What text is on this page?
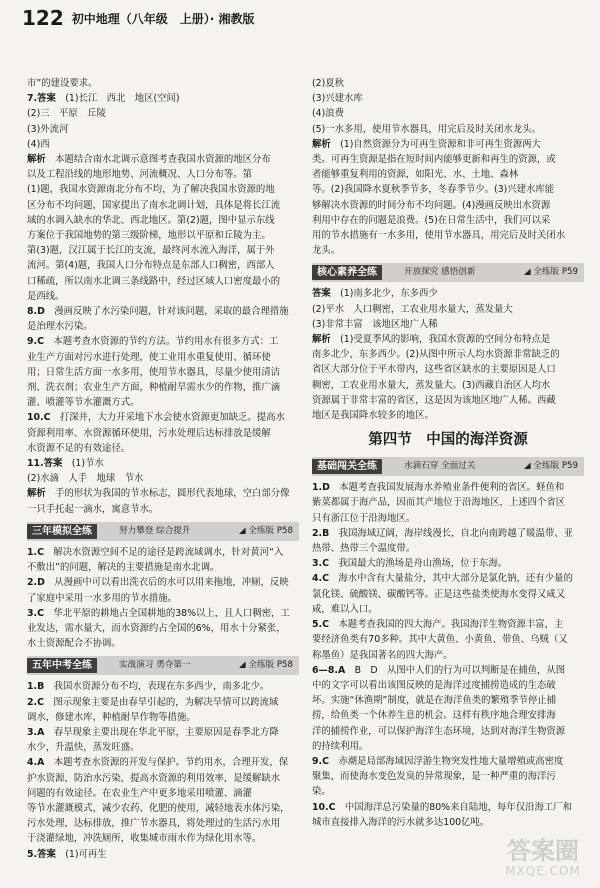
122 初中地理（八年级　上册）· 湘教版

市”的建设要求。

7.答案　(1)长江　西北　地区(空间)

(2)三　平原　丘陵

(3)外流河

(4)西

解析　本题结合南水北调示意图考查我国水资源的地区分布

以及工程沿线的地形地势、河流概况、人口分布等。第

(1)题，我国水资源南北分布不均，为了解决我国水资源的地

区分布不均问题，国家提出了南水北调计划，具体是将长江流

域的水调入缺水的华北、西北地区。第(2)题，图中显示东线

方案位于我国地势的第三级阶梯，地形以平原和丘陵为主。

第(3)题，汉江属于长江的支流，最终河水流入海洋，属于外

流河。第(4)题，我国人口分布特点是东部人口稠密，西部人

口稀疏，所以南水北调三条线路中，经过区域人口密度最小的

是西线。

8.D　漫画反映了水污染问题，针对该问题，采取的最合理措施

是治理水污染。

9.C　本题考查水资源的节约方法。节约用水有很多方式：工

业生产方面对污水进行处理，使工业用水重复使用、循环使

用；日常生活方面一水多用，使用节水器具，尽量少使用清洁

剂、洗衣剂；农业生产方面，种植耐旱需水少的作物，推广滴

灌、喷灌等节水灌溉方式。

10.C　打深井，大力开采地下水会使水资源更加缺乏。提高水

资源利用率、水资源循环使用，污水处理后达标排放是缓解

水资源不足的有效途径。

11.答案　(1)节水

(2)水滴　人手　地球　节水

解析　手的形状为我国的节水标志，圆形代表地球，空白部分像

一只手托起一滴水，寓意节水。

三年模拟全练	努力攀登 综合提升	◢ 全练版 P58

1.C　解决水资源空间不足的途径是跨流域调水，针对黄河“入

不敷出”的问题，解决的主要措施是南水北调。

2.D　从漫画中可以看出洗衣后的水可以用来拖地，冲厕，反映

了家庭中采用一水多用的节水措施。

3.C　华北平原的耕地占全国耕地的38%以上，且人口稠密，工

业发达，需水量大，而水资源约占全国的6%，用水十分紧张，

水土资源配合不协调。

五年中考全练	实战演习 勇夺第一	◢ 全练版 P58

1.B　我国水资源分布不均，表现在东多西少，南多北少。

2.C　图示现象主要是由春旱引起的，为解决旱情可以跨流域

调水，修建水库，种植耐旱作物等措施。

3.A　春旱现象主要出现在华北平原，主要原因是春季北方降

水少，升温快，蒸发旺盛。

4.A　本题考查水资源的开发与保护。节约用水，合理开发，保

护水资源，防治水污染，提高水资源的利用效率，是缓解缺水

问题的有效途径。在农业生产中更多地采用喷灌、滴灌

等节水灌溉模式，减少农药、化肥的使用，减轻地表水体污染，

污水处理，达标排放，推广节水器具，将处理过的生活污水用

于浇灌绿地，冲洗厕所，收集城市雨水作为绿化用水等。

5.答案　(1)可再生

(2)夏秋

(3)兴建水库

(4)浪费

(5)一水多用，使用节水器具，用完后及时关闭水龙头。

解析　(1)自然资源分为可再生资源和非可再生资源两大

类。可再生资源是指在短时间内能够更新和再生的资源，或

者能够重复利用的资源，如阳光、水、土地、森林

等。(2)我国降水夏秋季节多，冬春季节少。(3)兴建水库能

够解决水资源的时间分布不均问题。(4)漫画反映出水资源

利用中存在的问题是浪费。(5)在日常生活中，我们可以采

用的节水措施有一水多用，使用节水器具，用完后及时关闭水

龙头。

核心素养全练	开放探究 感悟创新	◢ 全练版 P59

答案　(1)南多北少，东多西少

(2)平水　人口稠密，工农业用水量大，蒸发量大

(3)非常丰富　该地区地广人稀

解析　(1)受夏季风的影响，我国水资源的空间分布特点是

南多北少，东多西少。(2)从图中所示人均水资源非常缺乏的

省区大部分位于平水带内，这些省区缺水的主要原因是人口

稠密，工农业用水量大，蒸发量大。(3)西藏自治区人均水

资源属于非常丰富的省区，这是因为该地区地广人稀。西藏

地区是我国降水较多的地区。

第四节　中国的海洋资源
基础闯关全练	水滴石穿 全面过关	◢ 全练版 P59

1.D　本题考查我国发展海水养殖业条件便利的省区。蛏鱼和

紫菜都属于海产品，因而其产地位于沿海地区，上述四个省区

只有浙江位于沿海地区。

2.B　我国海域辽阔，海岸线漫长，自北向南跨越了暖温带、亚

热带、热带三个温度带。

3.C　我国最大的渔场是舟山渔场，位于东海。

4.C　海水中含有大量盐分，其中大部分是氯化钠，还有少量的

氯化镁、硫酸镁、碳酸钙等。正是这些盐类使海水变得又咸又

咸，难以入口。

5.C　本题考查我国的四大海产。我国海洋生物资源丰富，主

要经济鱼类有70多种。其中大黄鱼、小黄鱼、带鱼、乌贼（又

称墨鱼）是我国著名的四大海产。

6—8.A　B　D　从图中人们的行为可以判断是在捕鱼，从图

中的文字可以看出该图反映的是海洋过度捕捞造成的生态破

坏。实施“休渔期”制度，就是在海洋鱼类的繁殖季节停止捕

捞，给鱼类一个休养生息的机会。这样有秩序地合理安排海

洋的捕捞作业，可以保护海洋生态环境，达到对海洋生物资源

的持续利用。

9.C　赤潮是局部海域因浮游生物突发性地大量增殖或高密度

聚集，而使海水变色发臭的异常现象，是一种严重的海洋污

染。

10.C　中国海洋总污染量的80%来自陆地，每年仅沿海工厂和

城市直接排入海洋的污水就多达100亿吨。

答案圈
MXQE.COM
